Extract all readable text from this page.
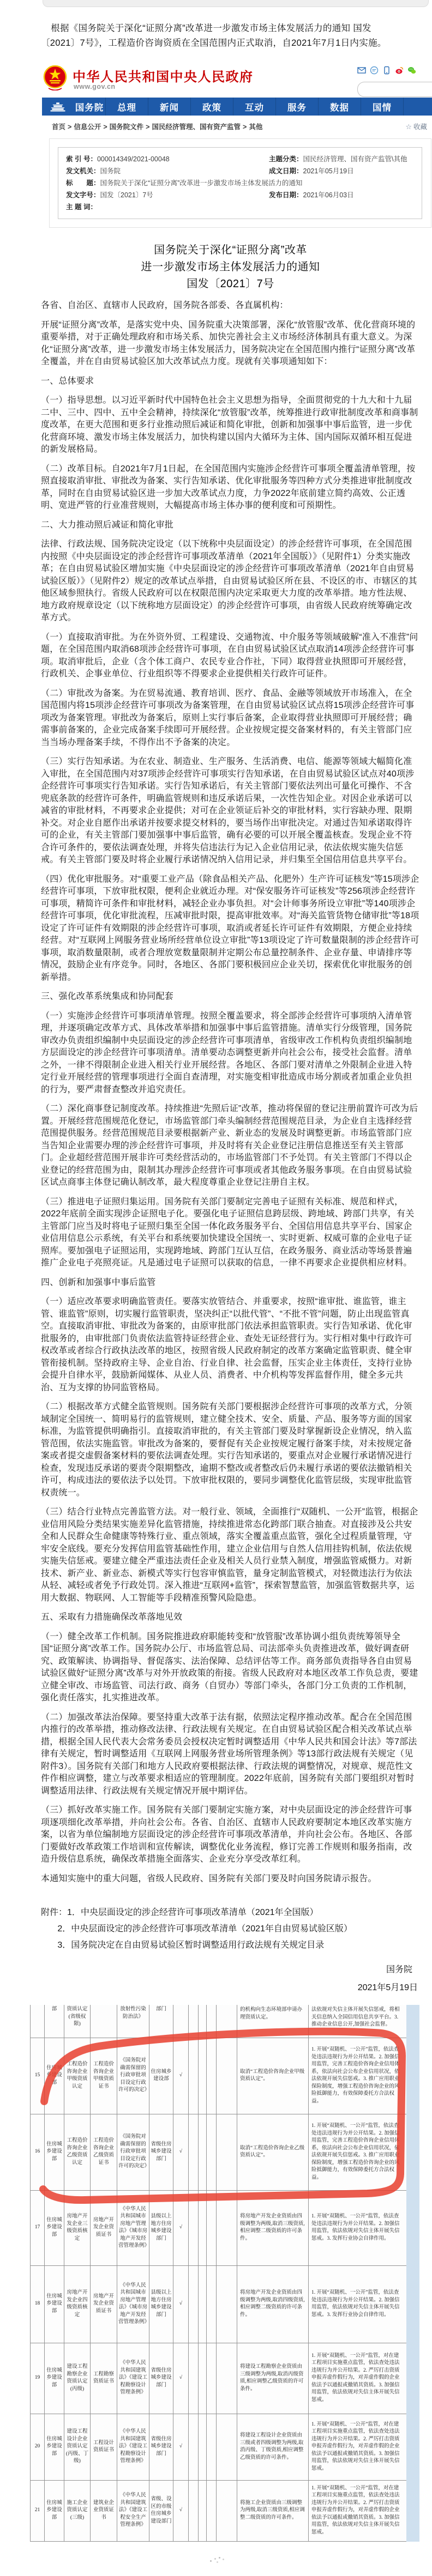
根据《国务院关于深化“证照分离”改革进一步激发市场主体发展活力的通知 国发〔2021〕7号》，工程造价咨询资质在全国范围内正式取消，自2021年7月1日内实施。

中华人民共和国中央人民政府
www.gov.cn
国务院	总理	新闻	政策	互动	服务	数据	国情
首页 > 信息公开 > 国务院文件 > 国民经济管理、国有资产监管 > 其他	☆ 收藏
索 引 号： 000014349/2021-00048	主题分类： 国民经济管理、国有资产监管\其他
发文机关： 国务院	成文日期： 2021年05月19日
标　　题： 国务院关于深化“证照分离”改革进一步激发市场主体发展活力的通知
发文字号： 国发〔2021〕7号	发布日期： 2021年06月03日
主 题 词：
国务院关于深化“证照分离”改革
进一步激发市场主体发展活力的通知
国发〔2021〕7号

各省、自治区、直辖市人民政府，国务院各部委、各直属机构：

开展“证照分离”改革，是落实党中央、国务院重大决策部署，深化“放管服”改革、优化营商环境的重要举措，对于正确处理政府和市场关系、加快完善社会主义市场经济体制具有重大意义。为深化“证照分离”改革，进一步激发市场主体发展活力，国务院决定在全国范围内推行“证照分离”改革全覆盖，并在自由贸易试验区加大改革试点力度。现就有关事项通知如下：

一、总体要求

（一）指导思想。以习近平新时代中国特色社会主义思想为指导，全面贯彻党的十九大和十九届二中、三中、四中、五中全会精神，持续深化“放管服”改革，统筹推进行政审批制度改革和商事制度改革，在更大范围和更多行业推动照后减证和简化审批，创新和加强事中事后监管，进一步优化营商环境、激发市场主体发展活力，加快构建以国内大循环为主体、国内国际双循环相互促进的新发展格局。

（二）改革目标。自2021年7月1日起，在全国范围内实施涉企经营许可事项全覆盖清单管理，按照直接取消审批、审批改为备案、实行告知承诺、优化审批服务等四种方式分类推进审批制度改革，同时在自由贸易试验区进一步加大改革试点力度，力争2022年底前建立简约高效、公正透明、宽进严管的行业准营规则，大幅提高市场主体办事的便利度和可预期性。

二、大力推动照后减证和简化审批

法律、行政法规、国务院决定设定（以下统称中央层面设定）的涉企经营许可事项，在全国范围内按照《中央层面设定的涉企经营许可事项改革清单（2021年全国版）》（见附件1）分类实施改革；在自由贸易试验区增加实施《中央层面设定的涉企经营许可事项改革清单（2021年自由贸易试验区版）》（见附件2）规定的改革试点举措，自由贸易试验区所在县、不设区的市、市辖区的其他区域参照执行。省级人民政府可以在权限范围内决定采取更大力度的改革举措。地方性法规、地方政府规章设定（以下统称地方层面设定）的涉企经营许可事项，由省级人民政府统筹确定改革方式。

（一）直接取消审批。为在外资外贸、工程建设、交通物流、中介服务等领域破解“准入不准营”问题，在全国范围内取消68项涉企经营许可事项，在自由贸易试验区试点取消14项涉企经营许可事项。取消审批后，企业（含个体工商户、农民专业合作社，下同）取得营业执照即可开展经营，行政机关、企事业单位、行业组织等不得要求企业提供相关行政许可证件。

（二）审批改为备案。为在贸易流通、教育培训、医疗、食品、金融等领域放开市场准入，在全国范围内将15项涉企经营许可事项改为备案管理，在自由贸易试验区试点将15项涉企经营许可事项改为备案管理。审批改为备案后，原则上实行事后备案，企业取得营业执照即可开展经营；确需事前备案的，企业完成备案手续即可开展经营。企业按规定提交备案材料的，有关主管部门应当当场办理备案手续，不得作出不予备案的决定。

（三）实行告知承诺。为在农业、制造业、生产服务、生活消费、电信、能源等领域大幅简化准入审批，在全国范围内对37项涉企经营许可事项实行告知承诺，在自由贸易试验区试点对40项涉企经营许可事项实行告知承诺。实行告知承诺后，有关主管部门要依法列出可量化可操作、不含兜底条款的经营许可条件，明确监管规则和违反承诺后果，一次性告知企业。对因企业承诺可以减省的审批材料，不再要求企业提供；对可在企业领证后补交的审批材料，实行容缺办理、限期补交。对企业自愿作出承诺并按要求提交材料的，要当场作出审批决定。对通过告知承诺取得许可的企业，有关主管部门要加强事中事后监管，确有必要的可以开展全覆盖核查。发现企业不符合许可条件的，要依法调查处理，并将失信违法行为记入企业信用记录，依法依规实施失信惩戒。有关主管部门要及时将企业履行承诺情况纳入信用记录，并归集至全国信用信息共享平台。

（四）优化审批服务。对“重要工业产品（除食品相关产品、化肥外）生产许可证核发”等15项涉企经营许可事项，下放审批权限，便利企业就近办理。对“保安服务许可证核发”等256项涉企经营许可事项，精简许可条件和审批材料，减轻企业办事负担。对“会计师事务所设立审批”等140项涉企经营许可事项，优化审批流程，压减审批时限，提高审批效率。对“海关监管货物仓储审批”等18项设定了许可证件有效期限的涉企经营许可事项，取消或者延长许可证件有效期限，方便企业持续经营。对“互联网上网服务营业场所经营单位设立审批”等13项设定了许可数量限制的涉企经营许可事项，取消数量限制，或者合理放宽数量限制并定期公布总量控制条件、企业存量、申请排序等情况，鼓励企业有序竞争。同时，各地区、各部门要积极回应企业关切，探索优化审批服务的创新举措。

三、强化改革系统集成和协同配套

（一）实施涉企经营许可事项清单管理。按照全覆盖要求，将全部涉企经营许可事项纳入清单管理，并逐项确定改革方式、具体改革举措和加强事中事后监管措施。清单实行分级管理，国务院审改办负责组织编制中央层面设定的涉企经营许可事项清单，省级审改工作机构负责组织编制地方层面设定的涉企经营许可事项清单。清单要动态调整更新并向社会公布，接受社会监督。清单之外，一律不得限制企业进入相关行业开展经营。各地区、各部门要对清单之外限制企业进入特定行业开展经营的管理事项进行全面自查清理，对实施变相审批造成市场分割或者加重企业负担的行为，要严肃督查整改并追究责任。

（二）深化商事登记制度改革。持续推进“先照后证”改革，推动将保留的登记注册前置许可改为后置。开展经营范围规范化登记，市场监管部门牵头编制经营范围规范目录，为企业自主选择经营范围提供服务。经营范围规范目录要根据新产业、新业态的发展及时调整更新。市场监管部门应当告知企业需要办理的涉企经营许可事项，并及时将有关企业登记注册信息推送至有关主管部门。企业超经营范围开展非许可类经营活动的，市场监管部门不予处罚。有关主管部门不得以企业登记的经营范围为由，限制其办理涉企经营许可事项或者其他政务服务事项。在自由贸易试验区试点商事主体登记确认制改革，最大程度尊重企业登记注册自主权。

（三）推进电子证照归集运用。国务院有关部门要制定完善电子证照有关标准、规范和样式，2022年底前全面实现涉企证照电子化。要强化电子证照信息跨层级、跨地域、跨部门共享，有关主管部门应当及时将电子证照归集至全国一体化政务服务平台、全国信用信息共享平台、国家企业信用信息公示系统，有关平台和系统要加快建设全国统一、实时更新、权威可靠的企业电子证照库。要加强电子证照运用，实现跨地域、跨部门互认互信，在政务服务、商业活动等场景普遍推广企业电子亮照亮证。凡是通过电子证照可以获取的信息，一律不再要求企业提供相应材料。

四、创新和加强事中事后监管

（一）适应改革要求明确监管责任。要落实放管结合、并重要求，按照“谁审批、谁监管，谁主管、谁监管”原则，切实履行监管职责，坚决纠正“以批代管”、“不批不管”问题，防止出现监管真空。直接取消审批、审批改为备案的，由原审批部门依法承担监管职责。实行告知承诺、优化审批服务的，由审批部门负责依法监管持证经营企业、查处无证经营行为。实行相对集中行政许可权改革或者综合行政执法改革的地区，按照省级人民政府制定的改革方案确定监管职责、健全审管衔接机制。坚持政府主导、企业自治、行业自律、社会监督，压实企业主体责任，支持行业协会提升自律水平，鼓励新闻媒体、从业人员、消费者、中介机构等发挥监督作用，健全多元共治、互为支撑的协同监管格局。

（二）根据改革方式健全监管规则。国务院有关部门要根据涉企经营许可事项的改革方式，分领域制定全国统一、简明易行的监管规则，建立健全技术、安全、质量、产品、服务等方面的国家标准，为监管提供明确指引。直接取消审批的，有关主管部门要及时掌握新设企业情况，纳入监管范围，依法实施监管。审批改为备案的，要督促有关企业按规定履行备案手续，对未按规定备案或者提交虚假备案材料的要依法调查处理。实行告知承诺的，要重点对企业履行承诺情况进行检查，发现违反承诺的要责令限期整改，逾期不整改或者整改后仍未履行承诺的要依法撤销相关许可，构成违法的要依法予以处罚。下放审批权限的，要同步调整优化监管层级，实现审批监管权责统一。

（三）结合行业特点完善监管方法。对一般行业、领域，全面推行“双随机、一公开”监管，根据企业信用风险分类结果实施差异化监管措施，持续推进常态化跨部门联合抽查。对直接涉及公共安全和人民群众生命健康等特殊行业、重点领域，落实全覆盖重点监管，强化全过程质量管理，守牢安全底线。要充分发挥信用监管基础性作用，建立企业信用与自然人信用挂钩机制，依法依规实施失信惩戒。要建立健全严重违法责任企业及相关人员行业禁入制度，增强监管威慑力。对新技术、新产业、新业态、新模式等实行包容审慎监管，量身定制监管模式，对轻微违法行为依法从轻、减轻或者免予行政处罚。深入推进“互联网+监管”，探索智慧监管，加强监管数据共享，运用大数据、物联网、人工智能等手段精准预警风险隐患。

五、采取有力措施确保改革落地见效

（一）健全改革工作机制。国务院推进政府职能转变和“放管服”改革协调小组负责统筹领导全国“证照分离”改革工作。国务院办公厅、市场监管总局、司法部牵头负责推进改革，做好调查研究、政策解读、协调指导、督促落实、法治保障、总结评估等工作。商务部负责指导各自由贸易试验区做好“证照分离”改革与对外开放政策的衔接。省级人民政府对本地区改革工作负总责，要建立健全审改、市场监管、司法行政、商务（自贸办）等部门牵头，各部门分工负责的工作机制，强化责任落实，扎实推进改革。

（二）加强改革法治保障。要坚持重大改革于法有据，依照法定程序推动改革。配合在全国范围内推行的改革举措，推动修改法律、行政法规有关规定。在自由贸易试验区配合相关改革试点举措，根据全国人民代表大会常务委员会授权决定暂时调整适用《中华人民共和国会计法》等7部法律有关规定，暂时调整适用《互联网上网服务营业场所管理条例》等13部行政法规有关规定（见附件3）。国务院有关部门和地方人民政府要根据法律、行政法规的调整情况，对规章、规范性文件作相应调整，建立与改革要求相适应的管理制度。2022年底前，国务院有关部门要组织对暂时调整适用法律、行政法规有关规定情况开展中期评估。

（三）抓好改革实施工作。国务院有关部门要制定实施方案，对中央层面设定的涉企经营许可事项逐项细化改革举措，并向社会公布。各省、自治区、直辖市人民政府要制定本地区改革实施方案，以省为单位编制地方层面设定的涉企经营许可事项改革清单，并向社会公布。各地区、各部门要做好改革政策工作培训和宣传解读，调整优化业务流程，修订完善工作规则和服务指南，改造升级信息系统，确保改革措施全面落实、企业充分享受改革红利。

本通知实施中的重大问题，省级人民政府、国务院有关部门要及时向国务院请示报告。

附件：1．中央层面设定的涉企经营许可事项改革清单（2021年全国版）
2．中央层面设定的涉企经营许可事项改革清单（2021年自由贸易试验区版）
3．国务院决定在自由贸易试验区暂时调整适用行政法规有关规定目录
国务院
2021年5月19日
	部	资质认定(省级权限)		放射性污染防治法》	部门						的机构向生态环境部申请办理资质认定。	法依规对失信主体开展失信惩戒，将相关信息纳入全国信用信息共享平台。3. 推动企业信息公开,加强社会监督。
15	住房城乡建设部	工程造价咨询企业甲级资质认定	工程造价咨询企业甲级资质证书	《国务院对确需保留的行政审批项目设定行政许可的决定》	住房城乡建设部	√					取消“工程造价咨询企业甲级资质认定”。	1. 开展“双随机、一公开”监管，依法查处违法违规行为并公开结果。2. 加强信用监管，完善工程造价咨询企业信用体系，依法向社会公布企业信用状况，依法依规开展失信惩戒。3. 推广应用职业保险制度，增强工程造价咨询企业的风险抵御能力，有效保障委托方合法权益。
16	住房城乡建设部	工程造价咨询企业乙级资质认定	工程造价咨询企业乙级资质证书	《国务院对确需保留的行政审批项目设定行政许可的决定》	省级住房城乡建设部门	√					取消“工程造价咨询企业乙级资质认定”。	1. 开展“双随机、一公开”监管，依法查处违法违规行为并公开结果。2. 加强信用监管，完善工程造价咨询企业信用体系，依法向社会公布企业信用状况，依法依规开展失信惩戒。3. 推广应用职业保险制度，增强工程造价咨询企业的风险抵御能力，有效保障委托方合法权益。
17	住房城乡建设部	房地产开发企业三级资质核定	房地产开发企业资质证书	《中华人民共和国城市房地产管理法》《城市房地产开发经营管理条例》	县级以上地方住房城乡建设部门	√					将房地产开发企业资质由四级调整为两级,取消三级资质,相应调整二级资质的许可条件。	1. 开展“双随机、一公开”监管，依法查处违法违规行为并公开结果。2. 加强信用监管，依法依规对失信主体开展失信惩戒。3. 发挥行业协会自律作用。
18	住房城乡建设部	房地产开发企业四级资质核定	房地产开发企业资质证书	《中华人民共和国城市房地产管理法》《城市房地产开发经营管理条例》	县级以上地方住房城乡建设部门	√					将房地产开发企业资质由四级调整为两级,取消四级资质,相应调整二级资质的许可条件。	1. 开展“双随机、一公开”监管，依法查处违法违规行为并公开结果。2. 加强信用监管，依法依规对失信主体开展失信惩戒。3. 发挥行业协会自律作用。
19	住房城乡建设部	建设工程勘察企业资质认定(丙级)	工程勘察资质证书	《中华人民共和国建筑法》《建设工程勘察设计管理条例》	省级住房城乡建设部门	√					将建设工程勘察企业资质由三级调整为两级,取消丙级资质,相应调整乙级资质的许可条件。	1. 开展“双随机、一公开”监管，对在建工程项目实施重点监管，依法查处违法违规行为并公开结果。2. 严厉打击资质申报弄虚作假行为，对弄虚作假的企业依法予以通报或撤销其资质。3. 加强信用监管，依法依规对失信主体开展失信惩戒。
20	住房城乡建设部	建设工程设计企业资质认定(丙级、丁级)	工程设计资质证书	《中华人民共和国建筑法》《建设工程勘察设计管理条例》	省级住房城乡建设部门	√					将建设工程设计企业资质由三级或者四级调整为两级,取消丙级、丁级资质,相应调整乙级资质的许可条件。	1. 开展“双随机、一公开”监管，对在建工程项目实施重点监管，依法查处违法违规行为并公开结果。2. 严厉打击资质申报弄虚作假行为，对弄虚作假的企业依法予以通报或撤销其资质。3. 加强信用监管，依法依规对失信主体开展失信惩戒。
21	住房城乡建设部	施工企业资质认定(三级)	建筑业企业资质证书	《中华人民共和国建筑法》《建设工程安全生产管理条例》	省级、设区的市级住房城乡建设部门	√					将施工企业资质由三级调整为两级,取消三级资质,相应调整二级资质的许可条件。	1. 开展“双随机、一公开”监管，对在建工程项目实施重点监管，依法查处违法违规行为并公开结果。2. 严厉打击资质申报弄虚作假行为，对弄虚作假的企业依法予以通报或撤销其资质。3. 加强信用监管，依法依规对失信主体开展失信惩戒。
